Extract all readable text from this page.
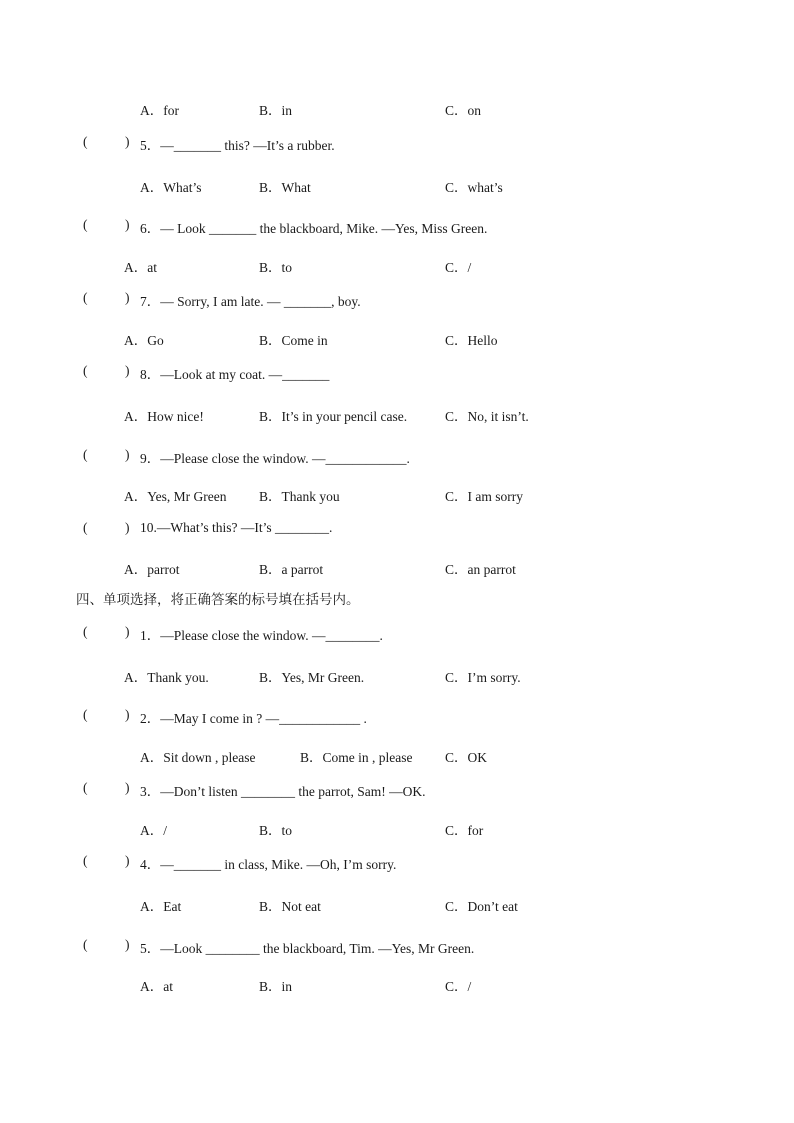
A．for	B．in	C．on
(	) 5．—_______ this? —It’s a rubber.
A．What’s	B．What	C．what’s
(	) 6．— Look _______ the blackboard, Mike. —Yes, Miss Green.
A．at	B．to	C．/
(	) 7．— Sorry, I am late. — _______, boy.
A．Go	B．Come in	C．Hello
(	) 8．—Look at my coat. —_______
A．How nice!	B．It’s in your pencil case.	C．No, it isn’t.
(	) 9．—Please close the window. —____________.
A．Yes, Mr Green B．Thank you	C．I am sorry
(	) 10.—What’s this? —It’s ________.
A．parrot	B．a parrot	C．an parrot
四、单项选择，将正确答案的标号填在括号内。
(	) 1．—Please close the window. —________.
A．Thank you.	B．Yes, Mr Green.	C．I’m sorry.
(	) 2．—May I come in ? —____________ .
A．Sit down , please	B．Come in , please C．OK
(	) 3．—Don’t listen ________ the parrot, Sam! —OK.
A．/	B．to	C．for
(	) 4．—_______ in class, Mike. —Oh, I’m sorry.
A．Eat	B．Not eat	C．Don’t eat
(	) 5．—Look ________ the blackboard, Tim. —Yes, Mr Green.
A．at	B．in	C．/
